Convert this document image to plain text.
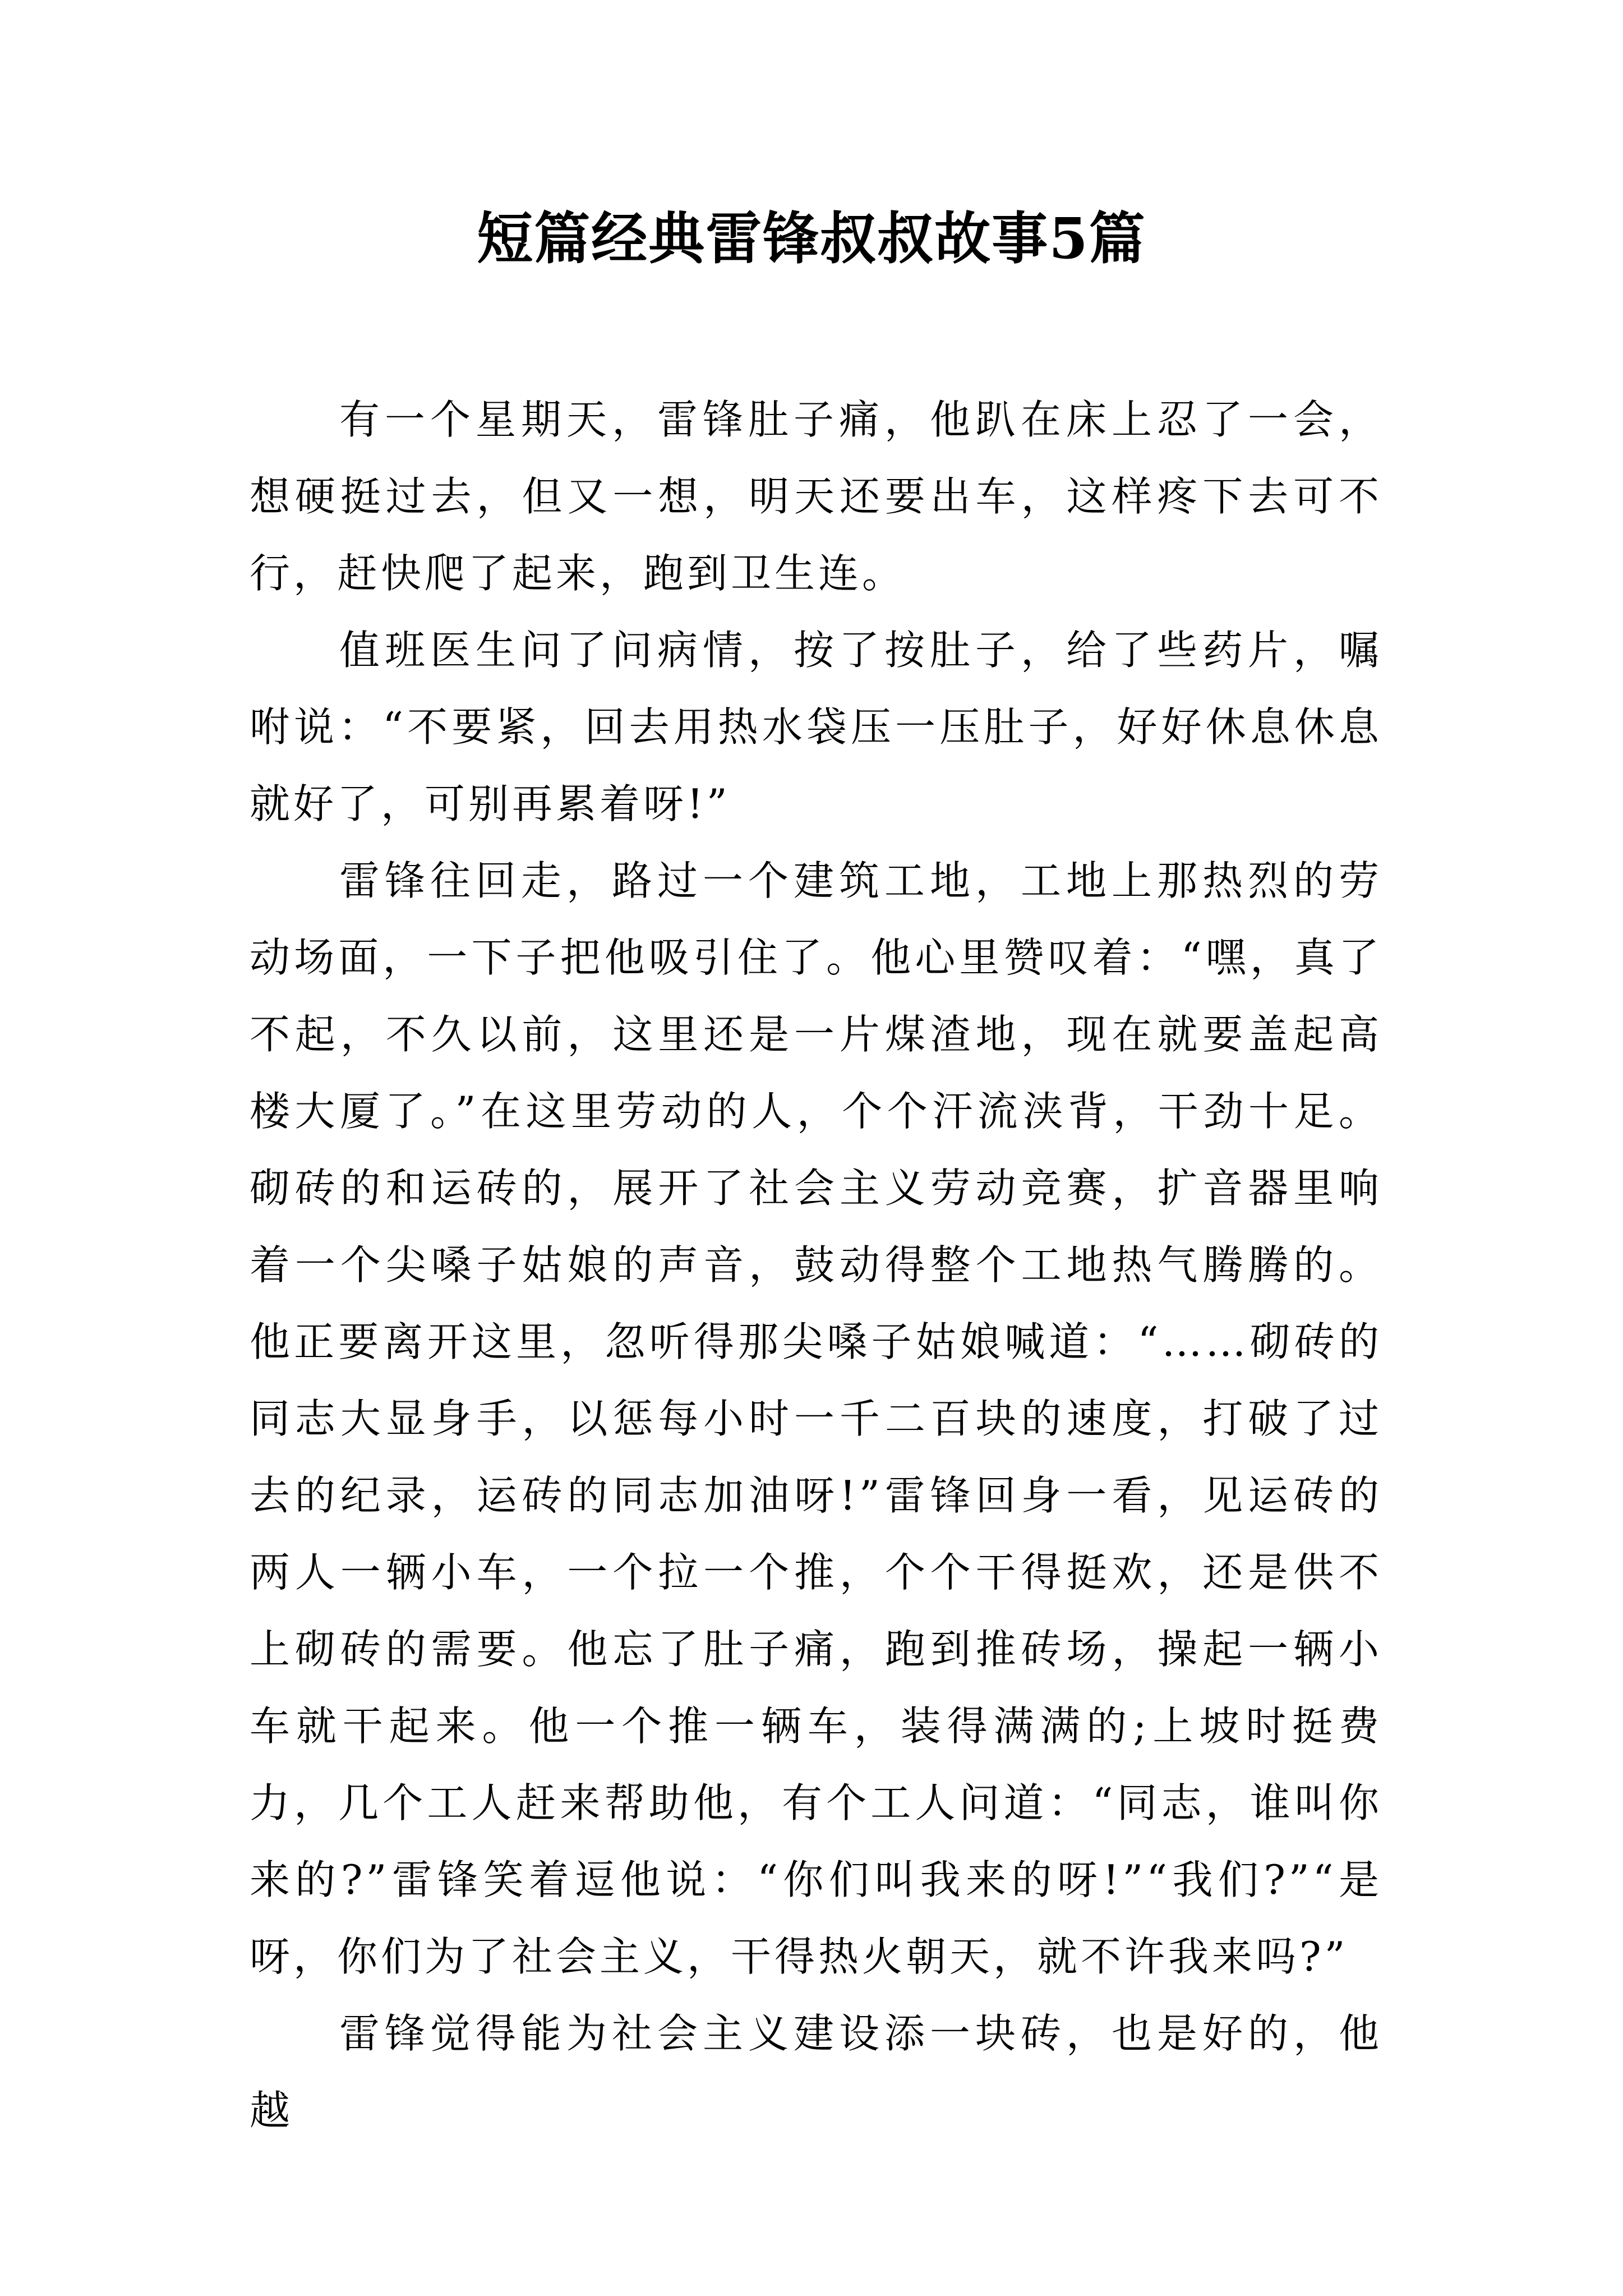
短篇经典雷锋叔叔故事5篇

有一个星期天，雷锋肚子痛，他趴在床上忍了一会，想硬挺过去，但又一想，明天还要出车，这样疼下去可不行，赶快爬了起来，跑到卫生连。

值班医生问了问病情，按了按肚子，给了些药片，嘱咐说：“不要紧，回去用热水袋压一压肚子，好好休息休息就好了，可别再累着呀!”

雷锋往回走，路过一个建筑工地，工地上那热烈的劳动场面，一下子把他吸引住了。他心里赞叹着：“嘿，真了不起，不久以前，这里还是一片煤渣地，现在就要盖起高楼大厦了。”在这里劳动的人，个个汗流浃背，干劲十足。砌砖的和运砖的，展开了社会主义劳动竞赛，扩音器里响着一个尖嗓子姑娘的声音，鼓动得整个工地热气腾腾的。他正要离开这里，忽听得那尖嗓子姑娘喊道：“……砌砖的同志大显身手，以惩每小时一千二百块的速度，打破了过去的纪录，运砖的同志加油呀!”雷锋回身一看，见运砖的两人一辆小车，一个拉一个推，个个干得挺欢，还是供不上砌砖的需要。他忘了肚子痛，跑到推砖场，操起一辆小车就干起来。他一个推一辆车，装得满满的;上坡时挺费力，几个工人赶来帮助他，有个工人问道：“同志，谁叫你来的?”雷锋笑着逗他说：“你们叫我来的呀!”“我们?”“是呀，你们为了社会主义，干得热火朝天，就不许我来吗?”

雷锋觉得能为社会主义建设添一块砖，也是好的，他越
